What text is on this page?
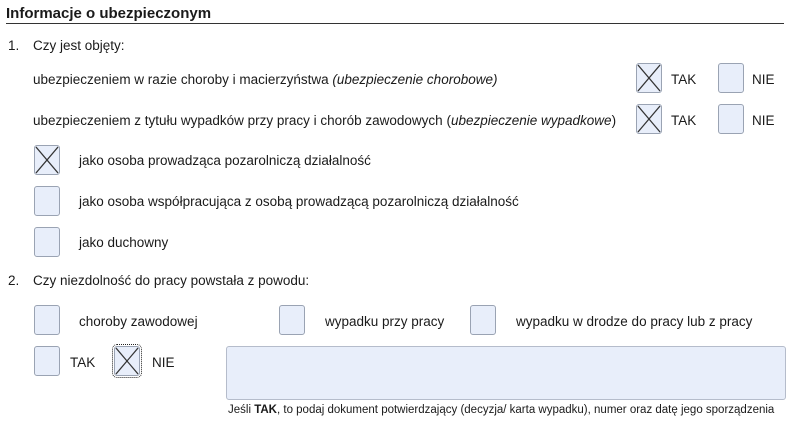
Informacje o ubezpieczonym
1. Czy jest objęty:
ubezpieczeniem w razie choroby i macierzyństwa (ubezpieczenie chorobowe)	TAK	NIE
ubezpieczeniem z tytułu wypadków przy pracy i chorób zawodowych (ubezpieczenie wypadkowe)	TAK	NIE
jako osoba prowadząca pozarolniczą działalność
jako osoba współpracująca z osobą prowadzącą pozarolniczą działalność
jako duchowny
2. Czy niezdolność do pracy powstała z powodu:
choroby zawodowej	wypadku przy pracy	wypadku w drodze do pracy lub z pracy
TAK	NIE
Jeśli TAK, to podaj dokument potwierdzający (decyzja/ karta wypadku), numer oraz datę jego sporządzenia
